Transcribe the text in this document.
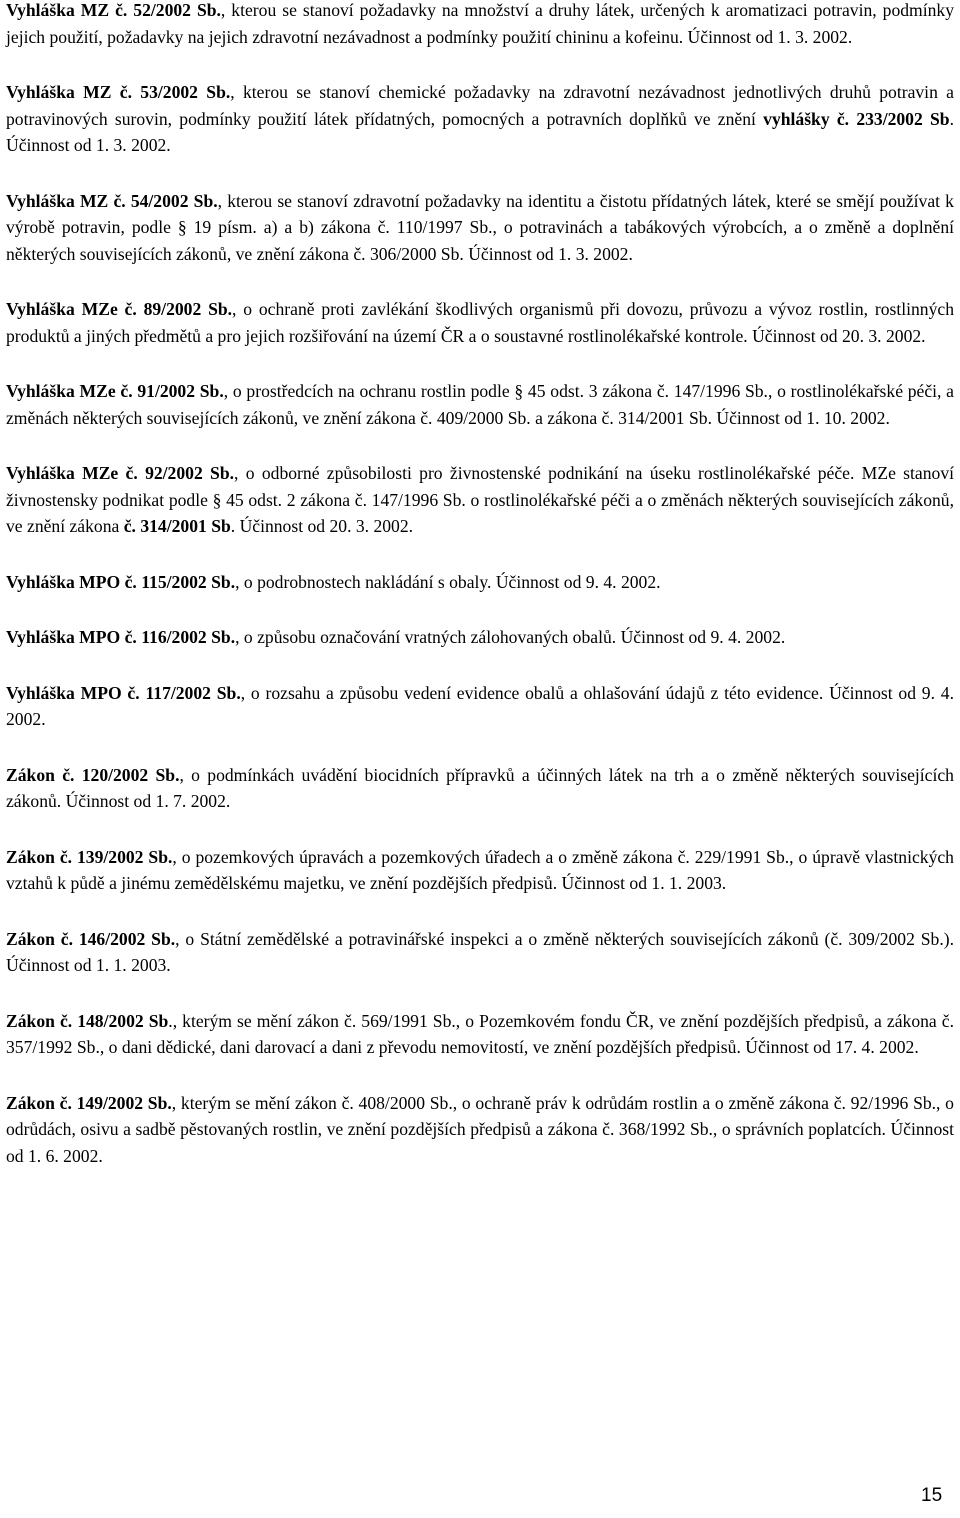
Vyhláška MZ č. 52/2002 Sb., kterou se stanoví požadavky na množství a druhy látek, určených k aromatizaci potravin, podmínky jejich použití, požadavky na jejich zdravotní nezávadnost a podmínky použití chininu a kofeinu. Účinnost od 1. 3. 2002.

Vyhláška MZ č. 53/2002 Sb., kterou se stanoví chemické požadavky na zdravotní nezávadnost jednotlivých druhů potravin a potravinových surovin, podmínky použití látek přídatných, pomocných a potravních doplňků ve znění vyhlášky č. 233/2002 Sb. Účinnost od 1. 3. 2002.

Vyhláška MZ č. 54/2002 Sb., kterou se stanoví zdravotní požadavky na identitu a čistotu přídatných látek, které se smějí používat k výrobě potravin, podle § 19 písm. a) a b) zákona č. 110/1997 Sb., o potravinách a tabákových výrobcích, a o změně a doplnění některých souvisejících zákonů, ve znění zákona č. 306/2000 Sb. Účinnost od 1. 3. 2002.

Vyhláška MZe č. 89/2002 Sb., o ochraně proti zavlékání škodlivých organismů při dovozu, průvozu a vývoz rostlin, rostlinných produktů a jiných předmětů a pro jejich rozšiřování na území ČR a o soustavné rostlinolékařské kontrole. Účinnost od 20. 3. 2002.

Vyhláška MZe č. 91/2002 Sb., o prostředcích na ochranu rostlin podle § 45 odst. 3 zákona č. 147/1996 Sb., o rostlinolékařské péči, a změnách některých souvisejících zákonů, ve znění zákona č. 409/2000 Sb. a zákona č. 314/2001 Sb. Účinnost od 1. 10. 2002.

Vyhláška MZe č. 92/2002 Sb., o odborné způsobilosti pro živnostenské podnikání na úseku rostlinolékařské péče. MZe stanoví živnostensky podnikat podle § 45 odst. 2 zákona č. 147/1996 Sb. o rostlinolékařské péči a o změnách některých souvisejících zákonů, ve znění zákona č. 314/2001 Sb. Účinnost od 20. 3. 2002.

Vyhláška MPO č. 115/2002 Sb., o podrobnostech nakládání s obaly. Účinnost od 9. 4. 2002.

Vyhláška MPO č. 116/2002 Sb., o způsobu označování vratných zálohovaných obalů. Účinnost od 9. 4. 2002.

Vyhláška MPO č. 117/2002 Sb., o rozsahu a způsobu vedení evidence obalů a ohlašování údajů z této evidence. Účinnost od 9. 4. 2002.

Zákon č. 120/2002 Sb., o podmínkách uvádění biocidních přípravků a účinných látek na trh a o změně některých souvisejících zákonů. Účinnost od 1. 7. 2002.

Zákon č. 139/2002 Sb., o pozemkových úpravách a pozemkových úřadech a o změně zákona č. 229/1991 Sb., o úpravě vlastnických vztahů k půdě a jinému zemědělskému majetku, ve znění pozdějších předpisů. Účinnost od 1. 1. 2003.

Zákon č. 146/2002 Sb., o Státní zemědělské a potravinářské inspekci a o změně některých souvisejících zákonů (č. 309/2002 Sb.). Účinnost od 1. 1. 2003.

Zákon č. 148/2002 Sb., kterým se mění zákon č. 569/1991 Sb., o Pozemkovém fondu ČR, ve znění pozdějších předpisů, a zákona č. 357/1992 Sb., o dani dědické, dani darovací a dani z převodu nemovitostí, ve znění pozdějších předpisů. Účinnost od 17. 4. 2002.

Zákon č. 149/2002 Sb., kterým se mění zákon č. 408/2000 Sb., o ochraně práv k odrůdám rostlin a o změně zákona č. 92/1996 Sb., o odrůdách, osivu a sadbě pěstovaných rostlin, ve znění pozdějších předpisů a zákona č. 368/1992 Sb., o správních poplatcích. Účinnost od 1. 6. 2002.

15
